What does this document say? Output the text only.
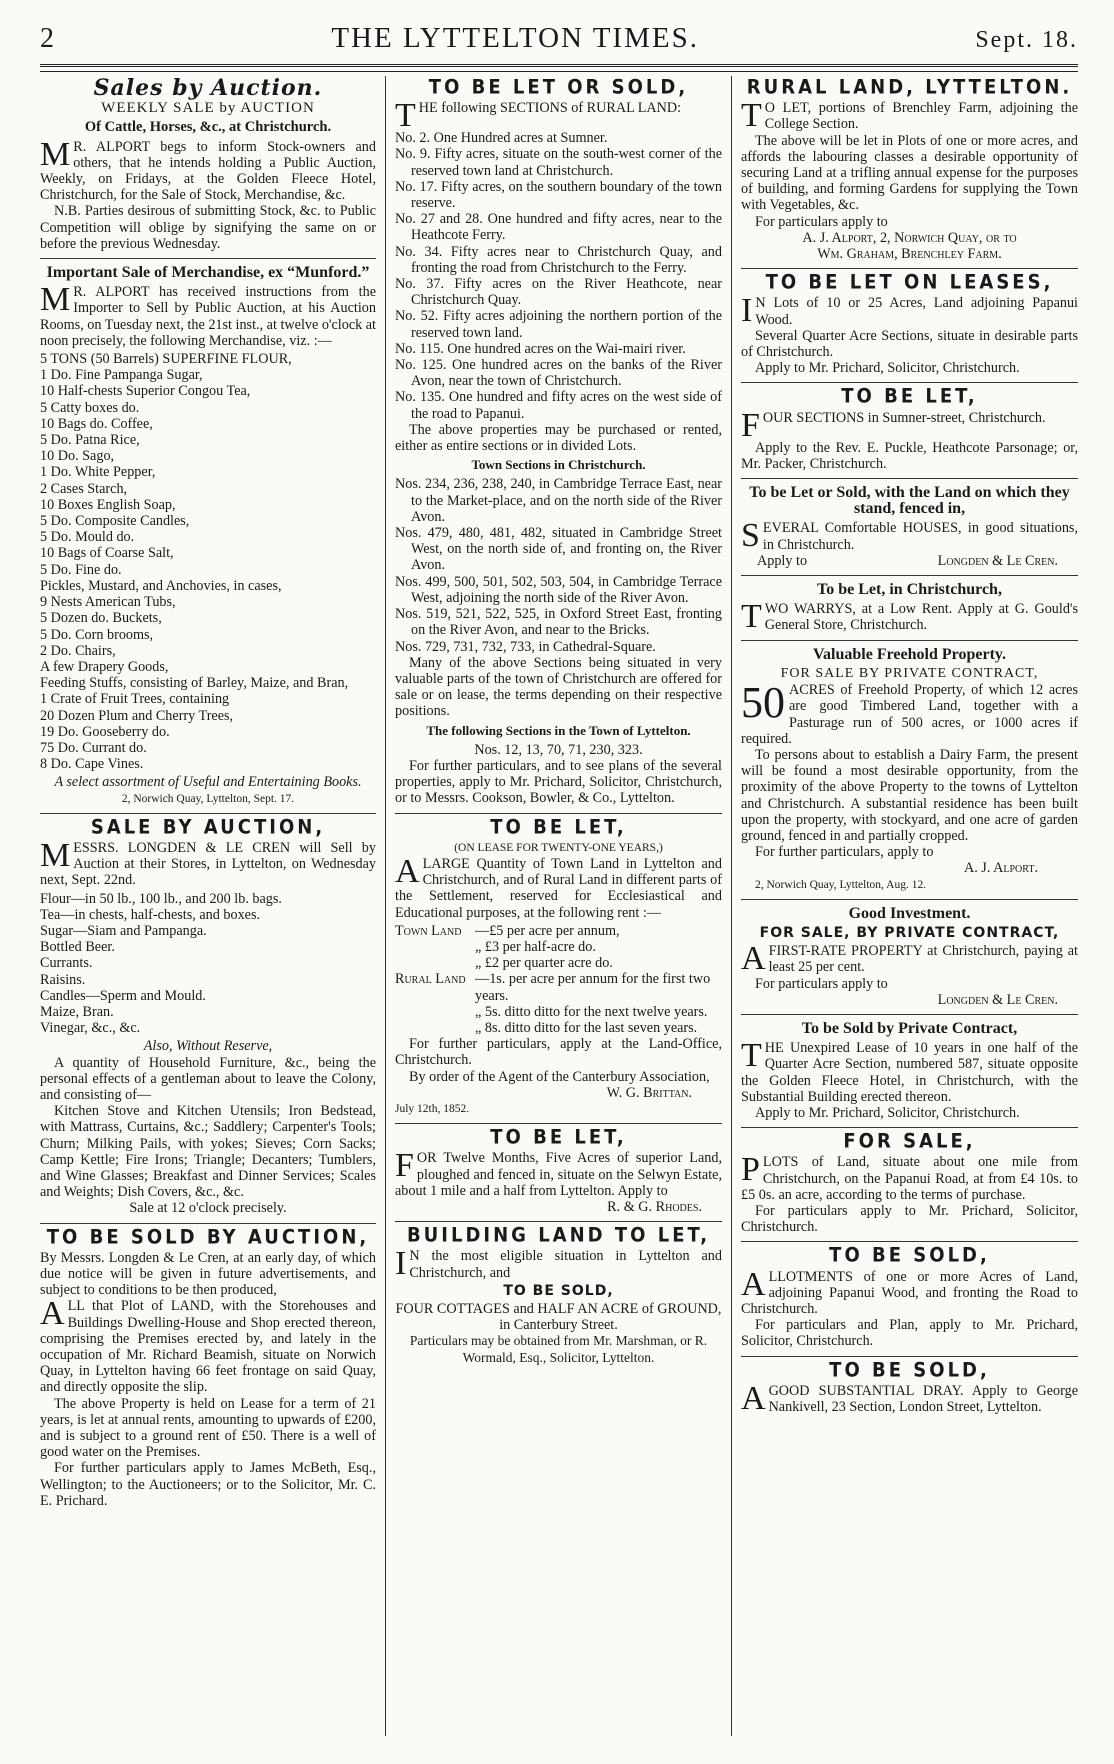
2	THE LYTTELTON TIMES.	Sept. 18.
Sales by Auction.
WEEKLY SALE by AUCTION
Of Cattle, Horses, &c., at Christchurch.

M R. ALPORT begs to inform Stock-owners and others, that he intends holding a Public Auction, Weekly, on Fridays, at the Golden Fleece Hotel, Christchurch, for the Sale of Stock, Merchandise, &c.

N.B. Parties desirous of submitting Stock, &c. to Public Competition will oblige by signifying the same on or before the previous Wednesday.

Important Sale of Merchandise, ex “Munford.”

M R. ALPORT has received instructions from the Importer to Sell by Public Auction, at his Auction Rooms, on Tuesday next, the 21st inst., at twelve o'clock at noon precisely, the following Merchandise, viz. :—

5 TONS (50 Barrels) SUPERFINE FLOUR,
1 Do. Fine Pampanga Sugar,
10 Half-chests Superior Congou Tea,
5 Catty boxes do.
10 Bags do. Coffee,
5 Do. Patna Rice,
10 Do. Sago,
1 Do. White Pepper,
2 Cases Starch,
10 Boxes English Soap,
5 Do. Composite Candles,
5 Do. Mould do.
10 Bags of Coarse Salt,
5 Do. Fine do.
Pickles, Mustard, and Anchovies, in cases,
9 Nests American Tubs,
5 Dozen do. Buckets,
5 Do. Corn brooms,
2 Do. Chairs,
A few Drapery Goods,
Feeding Stuffs, consisting of Barley, Maize, and Bran,
1 Crate of Fruit Trees, containing
20 Dozen Plum and Cherry Trees,
19 Do. Gooseberry do.
75 Do. Currant do.
8 Do. Cape Vines.

A select assortment of Useful and Entertaining Books.

2, Norwich Quay, Lyttelton, Sept. 17.
SALE BY AUCTION,

MESSRS. LONGDEN & LE CREN will Sell by Auction at their Stores, in Lyttelton, on Wednesday next, Sept. 22nd.

Flour—in 50 lb., 100 lb., and 200 lb. bags.
Tea—in chests, half-chests, and boxes.
Sugar—Siam and Pampanga.
Bottled Beer.
Currants.
Raisins.
Candles—Sperm and Mould.
Maize, Bran.
Vinegar, &c., &c.
Also, Without Reserve,

A quantity of Household Furniture, &c., being the personal effects of a gentleman about to leave the Colony, and consisting of—

Kitchen Stove and Kitchen Utensils; Iron Bedstead, with Mattrass, Curtains, &c.; Saddlery; Carpenter's Tools; Churn; Milking Pails, with yokes; Sieves; Corn Sacks; Camp Kettle; Fire Irons; Triangle; Decanters; Tumblers, and Wine Glasses; Breakfast and Dinner Services; Scales and Weights; Dish Covers, &c., &c.

Sale at 12 o'clock precisely.
TO BE SOLD BY AUCTION,

By Messrs. Longden & Le Cren, at an early day, of which due notice will be given in future advertisements, and subject to conditions to be then produced,

ALL that Plot of LAND, with the Storehouses and Buildings Dwelling-House and Shop erected thereon, comprising the Premises erected by, and lately in the occupation of Mr. Richard Beamish, situate on Norwich Quay, in Lyttelton having 66 feet frontage on said Quay, and directly opposite the slip.

The above Property is held on Lease for a term of 21 years, is let at annual rents, amounting to upwards of £200, and is subject to a ground rent of £50. There is a well of good water on the Premises.

For further particulars apply to James McBeth, Esq., Wellington; to the Auctioneers; or to the Solicitor, Mr. C. E. Prichard.

TO BE LET OR SOLD,

THE following SECTIONS of RURAL LAND:

No. 2. One Hundred acres at Sumner.
No. 9. Fifty acres, situate on the south-west corner of the reserved town land at Christchurch.
No. 17. Fifty acres, on the southern boundary of the town reserve.
No. 27 and 28. One hundred and fifty acres, near to the Heathcote Ferry.
No. 34. Fifty acres near to Christchurch Quay, and fronting the road from Christchurch to the Ferry.
No. 37. Fifty acres on the River Heathcote, near Christchurch Quay.
No. 52. Fifty acres adjoining the northern portion of the reserved town land.
No. 115. One hundred acres on the Wai-mairi river.
No. 125. One hundred acres on the banks of the River Avon, near the town of Christchurch.
No. 135. One hundred and fifty acres on the west side of the road to Papanui.

The above properties may be purchased or rented, either as entire sections or in divided Lots.

Town Sections in Christchurch.
Nos. 234, 236, 238, 240, in Cambridge Terrace East, near to the Market-place, and on the north side of the River Avon.
Nos. 479, 480, 481, 482, situated in Cambridge Street West, on the north side of, and fronting on, the River Avon.
Nos. 499, 500, 501, 502, 503, 504, in Cambridge Terrace West, adjoining the north side of the River Avon.
Nos. 519, 521, 522, 525, in Oxford Street East, fronting on the River Avon, and near to the Bricks.
Nos. 729, 731, 732, 733, in Cathedral-Square.

Many of the above Sections being situated in very valuable parts of the town of Christchurch are offered for sale or on lease, the terms depending on their respective positions.

The following Sections in the Town of Lyttelton.
Nos. 12, 13, 70, 71, 230, 323.

For further particulars, and to see plans of the several properties, apply to Mr. Prichard, Solicitor, Christchurch, or to Messrs. Cookson, Bowler, & Co., Lyttelton.

TO BE LET,
(ON LEASE FOR TWENTY-ONE YEARS,)

ALARGE Quantity of Town Land in Lyttelton and Christchurch, and of Rural Land in different parts of the Settlement, reserved for Ecclesiastical and Educational purposes, at the following rent :—

Town Land —£5 per acre per annum,
„ £3 per half-acre do.
„ £2 per quarter acre do.
Rural Land —1s. per acre per annum for the first two years.
„ 5s. ditto ditto for the next twelve years.
„ 8s. ditto ditto for the last seven years.

For further particulars, apply at the Land-Office, Christchurch.

By order of the Agent of the Canterbury Association,

W. G. Brittan.
July 12th, 1852.
TO BE LET,

FOR Twelve Months, Five Acres of superior Land, ploughed and fenced in, situate on the Selwyn Estate, about 1 mile and a half from Lyttelton. Apply to

R. & G. Rhodes.
BUILDING LAND TO LET,

I N the most eligible situation in Lyttelton and Christchurch, and

TO BE SOLD,
FOUR COTTAGES and HALF AN ACRE of GROUND, in Canterbury Street.

Particulars may be obtained from Mr. Marshman, or R. Wormald, Esq., Solicitor, Lyttelton.

RURAL LAND, LYTTELTON.

T O LET, portions of Brenchley Farm, adjoining the College Section.

The above will be let in Plots of one or more acres, and affords the labouring classes a desirable opportunity of securing Land at a trifling annual expense for the purposes of building, and forming Gardens for supplying the Town with Vegetables, &c.

For particulars apply to

A. J. Alport, 2, Norwich Quay, or to
Wm. Graham, Brenchley Farm.
TO BE LET ON LEASES,

I N Lots of 10 or 25 Acres, Land adjoining Papanui Wood.

Several Quarter Acre Sections, situate in desirable parts of Christchurch.

Apply to Mr. Prichard, Solicitor, Christchurch.

TO BE LET,

FOUR SECTIONS in Sumner-street, Christchurch.

Apply to the Rev. E. Puckle, Heathcote Parsonage; or, Mr. Packer, Christchurch.

To be Let or Sold, with the Land on which they stand, fenced in,

SEVERAL Comfortable HOUSES, in good situations, in Christchurch.

Apply to	Longden & Le Cren.
To be Let, in Christchurch,

TWO WARRYS, at a Low Rent. Apply at G. Gould's General Store, Christchurch.

Valuable Freehold Property.
FOR SALE BY PRIVATE CONTRACT,

50 ACRES of Freehold Property, of which 12 acres are good Timbered Land, together with a Pasturage run of 500 acres, or 1000 acres if required.

To persons about to establish a Dairy Farm, the present will be found a most desirable opportunity, from the proximity of the above Property to the towns of Lyttelton and Christchurch. A substantial residence has been built upon the property, with stockyard, and one acre of garden ground, fenced in and partially cropped.

For further particulars, apply to

A. J. Alport.
2, Norwich Quay, Lyttelton, Aug. 12.
Good Investment.
FOR SALE, BY PRIVATE CONTRACT,

AFIRST-RATE PROPERTY at Christchurch, paying at least 25 per cent.

For particulars apply to

Longden & Le Cren.
To be Sold by Private Contract,

THE Unexpired Lease of 10 years in one half of the Quarter Acre Section, numbered 587, situate opposite the Golden Fleece Hotel, in Christchurch, with the Substantial Building erected thereon.

Apply to Mr. Prichard, Solicitor, Christchurch.

FOR SALE,

PLOTS of Land, situate about one mile from Christchurch, on the Papanui Road, at from £4 10s. to £5 0s. an acre, according to the terms of purchase.

For particulars apply to Mr. Prichard, Solicitor, Christchurch.

TO BE SOLD,

ALLOTMENTS of one or more Acres of Land, adjoining Papanui Wood, and fronting the Road to Christchurch.

For particulars and Plan, apply to Mr. Prichard, Solicitor, Christchurch.

TO BE SOLD,

AGOOD SUBSTANTIAL DRAY. Apply to George Nankivell, 23 Section, London Street, Lyttelton.
